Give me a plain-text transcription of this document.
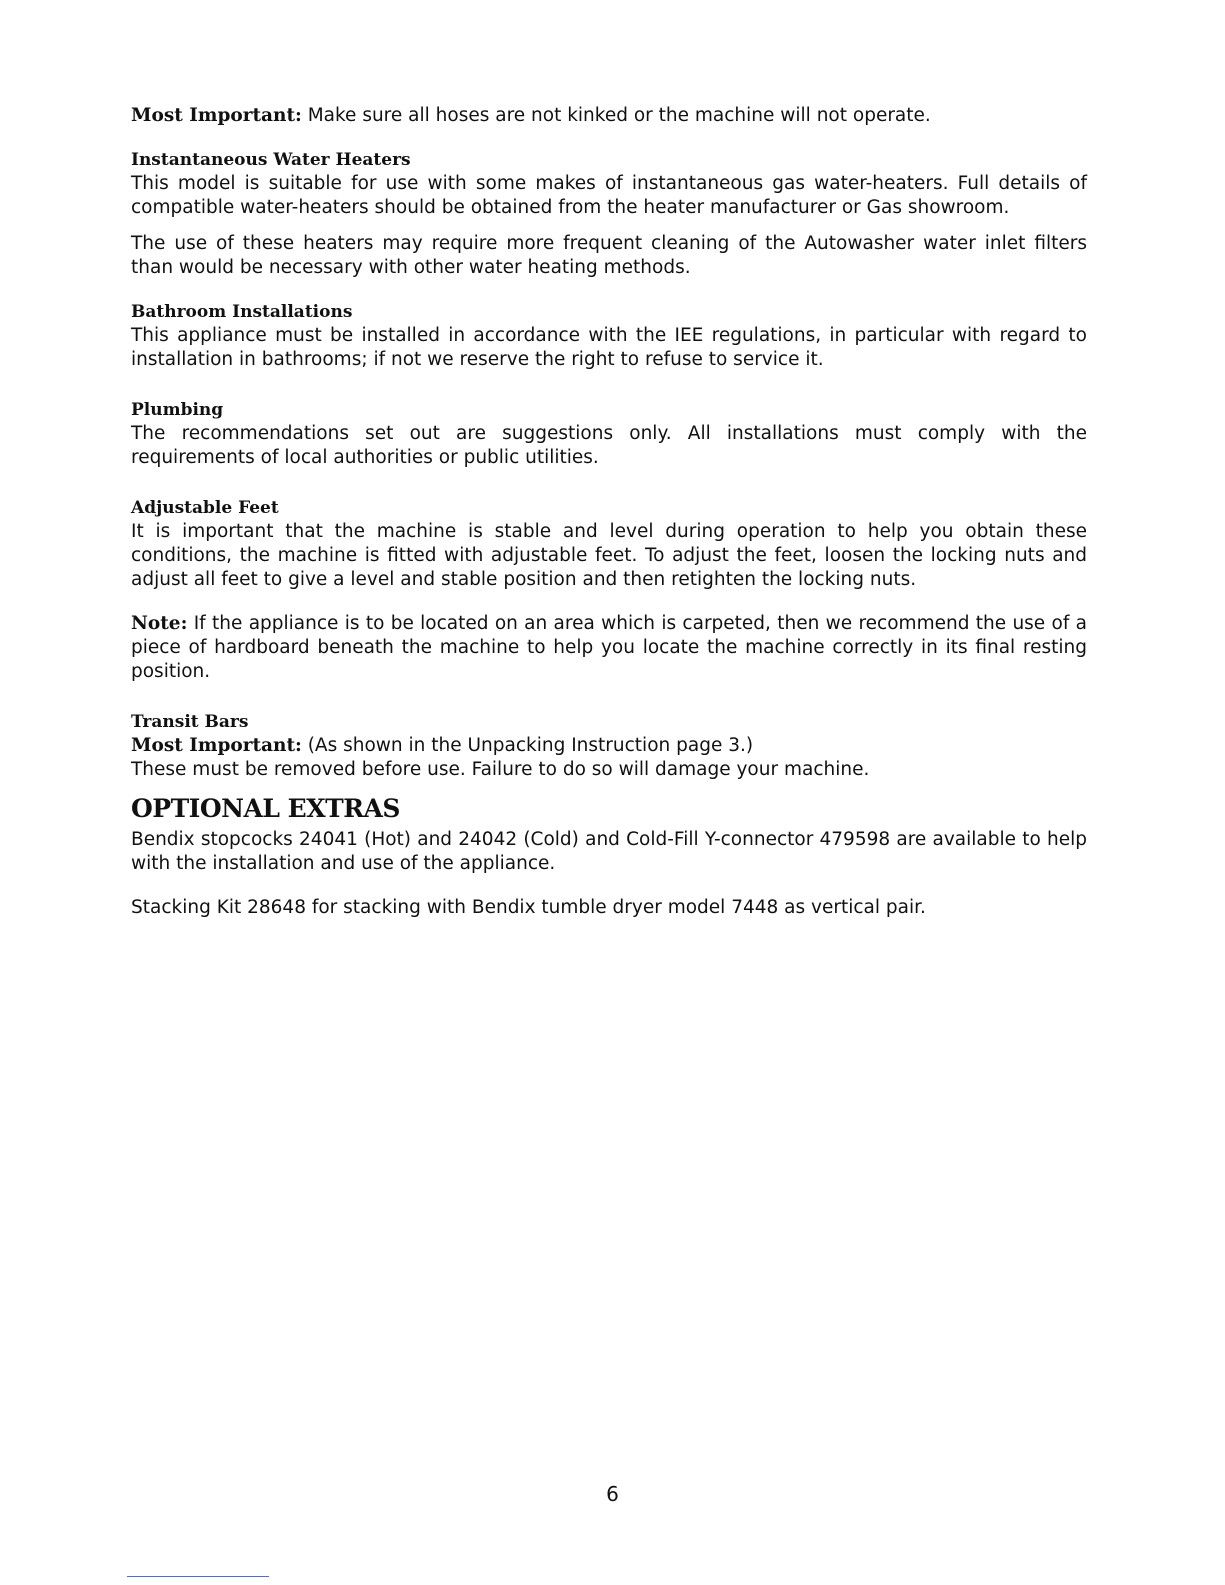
Most Important: Make sure all hoses are not kinked or the machine will not operate.

Instantaneous Water Heaters

This model is suitable for use with some makes of instantaneous gas water-heaters. Full details of compatible water-heaters should be obtained from the heater manufacturer or Gas showroom.

The use of these heaters may require more frequent cleaning of the Autowasher water inlet filters than would be necessary with other water heating methods.

Bathroom Installations

This appliance must be installed in accordance with the IEE regulations, in particular with regard to installation in bathrooms; if not we reserve the right to refuse to service it.

Plumbing

The recommendations set out are suggestions only. All installations must comply with the requirements of local authorities or public utilities.

Adjustable Feet

It is important that the machine is stable and level during operation to help you obtain these conditions, the machine is fitted with adjustable feet. To adjust the feet, loosen the locking nuts and adjust all feet to give a level and stable position and then retighten the locking nuts.

Note: If the appliance is to be located on an area which is carpeted, then we recommend the use of a piece of hardboard beneath the machine to help you locate the machine correctly in its final resting position.

Transit Bars

Most Important: (As shown in the Unpacking Instruction page 3.)

These must be removed before use. Failure to do so will damage your machine.

OPTIONAL EXTRAS

Bendix stopcocks 24041 (Hot) and 24042 (Cold) and Cold-Fill Y-connector 479598 are available to help with the installation and use of the appliance.

Stacking Kit 28648 for stacking with Bendix tumble dryer model 7448 as vertical pair.

6
